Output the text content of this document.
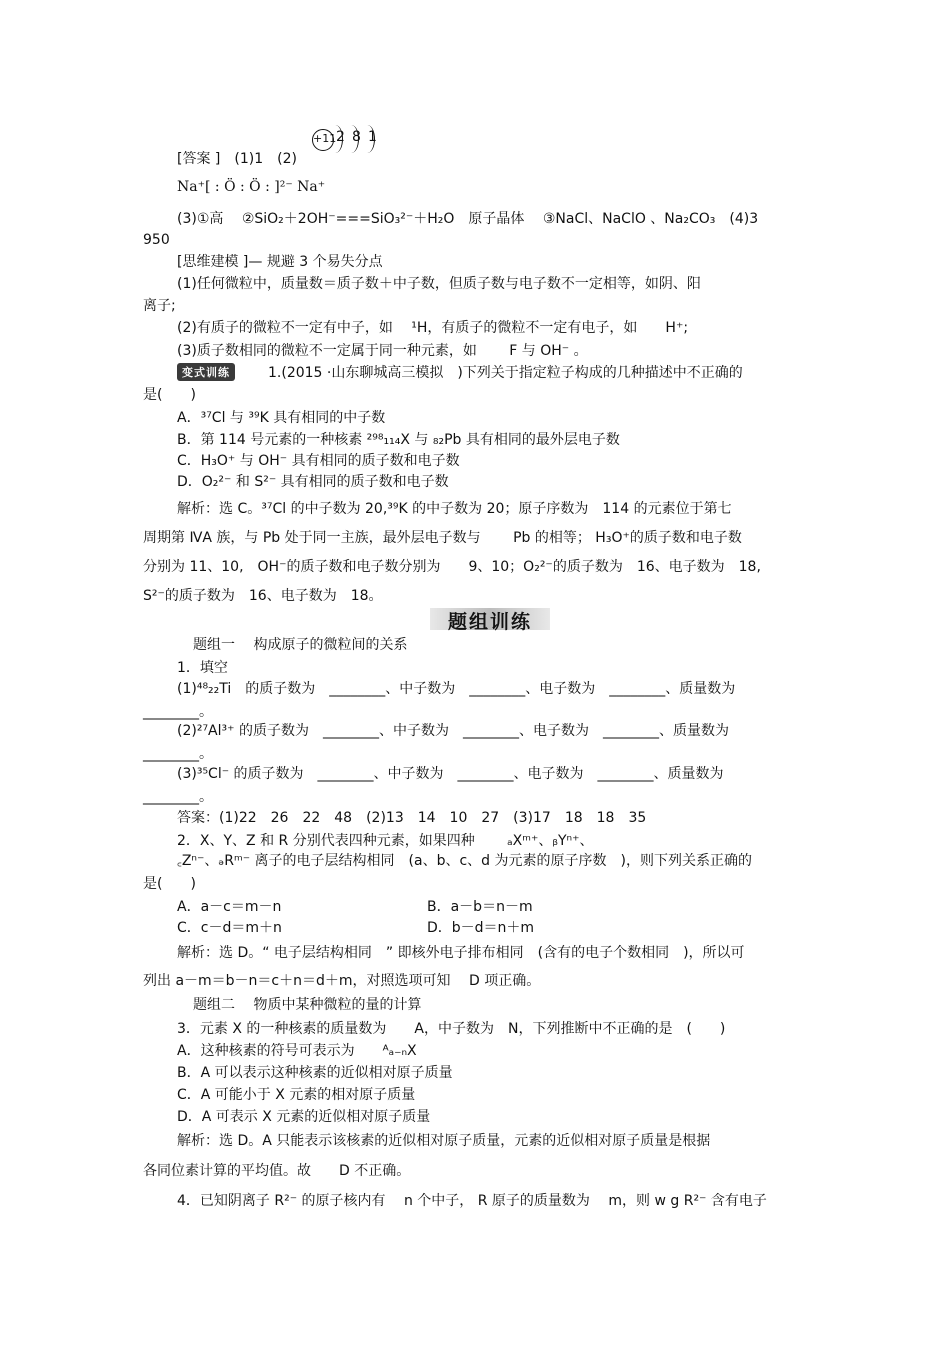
+11 2 8 1
变式训练
题组训练
[答案 ]　(1)1　(2)
Na⁺[ : Ö : Ö : ]²⁻ Na⁺
(3)①高　 ②SiO₂＋2OH⁻===SiO₃²⁻＋H₂O　原子晶体　 ③NaCl、NaClO 、Na₂CO₃　(4)3
950
[思维建模 ]— 规避 3 个易失分点
(1)任何微粒中，质量数＝质子数＋中子数，但质子数与电子数不一定相等，如阴、阳
离子;
(2)有质子的微粒不一定有中子，如　 ¹H，有质子的微粒不一定有电子，如　　H⁺;
(3)质子数相同的微粒不一定属于同一种元素，如　　 F 与 OH⁻ 。
1.(2015 ·山东聊城高三模拟　)下列关于指定粒子构成的几种描述中不正确的
是(　　)
A．³⁷Cl 与 ³⁹K 具有相同的中子数
B．第 114 号元素的一种核素 ²⁹⁸₁₁₄X 与 ₈₂Pb 具有相同的最外层电子数
C．H₃O⁺ 与 OH⁻ 具有相同的质子数和电子数
D．O₂²⁻ 和 S²⁻ 具有相同的质子数和电子数
解析：选 C。³⁷Cl 的中子数为 20,³⁹K 的中子数为 20；原子序数为　114 的元素位于第七
周期第 ⅣA 族，与 Pb 处于同一主族，最外层电子数与　　 Pb 的相等； H₃O⁺的质子数和电子数
分别为 11、10,　OH⁻的质子数和电子数分别为　　9、10；O₂²⁻的质子数为　16、电子数为　18,
S²⁻的质子数为　16、电子数为　18。
题组一　 构成原子的微粒间的关系
1．填空
(1)⁴⁸₂₂Ti　的质子数为　________、中子数为　________、电子数为　________、质量数为
________。
(2)²⁷Al³⁺ 的质子数为　________、中子数为　________、电子数为　________、质量数为
________。
(3)³⁵Cl⁻ 的质子数为　________、中子数为　________、电子数为　________、质量数为
________。
答案：(1)22　26　22　48　(2)13　14　10　27　(3)17　18　18　35
2．X、Y、Z 和 R 分别代表四种元素，如果四种　　 ₐXᵐ⁺、ᵦYⁿ⁺、
꜀Zⁿ⁻、ₔRᵐ⁻ 离子的电子层结构相同　(a、b、c、d 为元素的原子序数　)，则下列关系正确的
是(　　)
A．a－c＝m－n	B．a－b＝n－m
C．c－d＝m＋n	D．b－d＝n＋m
解析：选 D。“ 电子层结构相同　” 即核外电子排布相同　(含有的电子个数相同　)，所以可
列出 a－m＝b－n＝c＋n＝d＋m，对照选项可知　 D 项正确。
题组二　 物质中某种微粒的量的计算
3．元素 X 的一种核素的质量数为　　A，中子数为　N，下列推断中不正确的是　(　　)
A．这种核素的符号可表示为　　ᴬₐ₋ₙX
B．A 可以表示这种核素的近似相对原子质量
C．A 可能小于 X 元素的相对原子质量
D．A 可表示 X 元素的近似相对原子质量
解析：选 D。A 只能表示该核素的近似相对原子质量，元素的近似相对原子质量是根据
各同位素计算的平均值。故　　D 不正确。
4．已知阴离子 R²⁻ 的原子核内有　 n 个中子， R 原子的质量数为　 m，则 w g R²⁻ 含有电子
